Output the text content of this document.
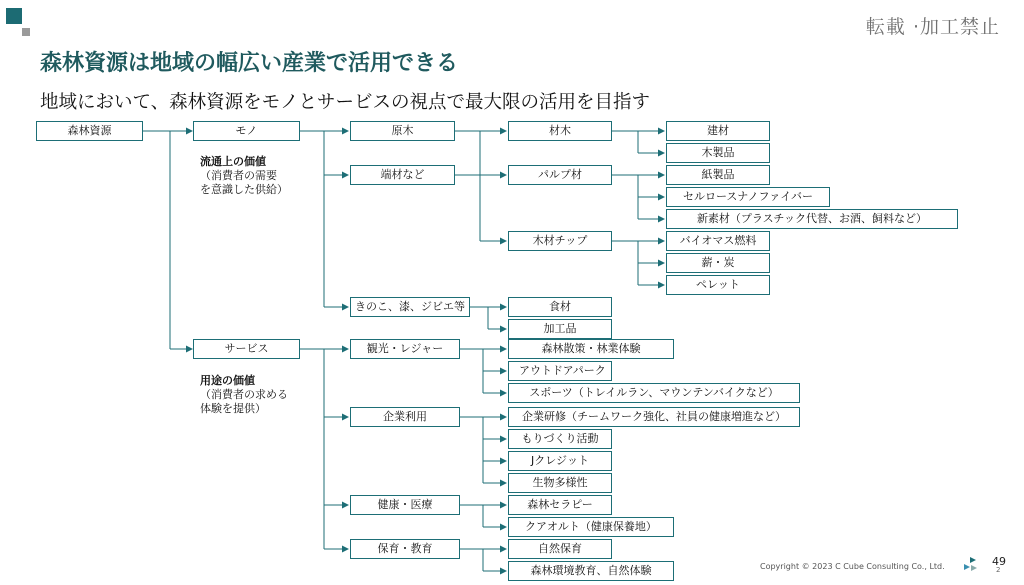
転載 ·加工禁止
森林資源は地域の幅広い産業で活用できる
地域において、森林資源をモノとサービスの視点で最大限の活用を目指す
森林資源	モノ
サービス
流通上の価値
（消費者の需要
を意識した供給）
用途の価値
（消費者の求める
体験を提供）
原木
端材など
きのこ、漆、ジビエ等
材木
パルプ材
木材チップ
建材
木製品
紙製品
セルロースナノファイバー
新素材（プラスチック代替、お酒、飼料など）
バイオマス燃料
薪・炭
ペレット
食材
加工品
観光・レジャー
企業利用
健康・医療
保育・教育
森林散策・林業体験
アウトドアパーク
スポーツ（トレイルラン、マウンテンバイクなど）
企業研修（チームワーク強化、社員の健康増進など）
もりづくり活動
Jクレジット
生物多様性
森林セラピー
クアオルト（健康保養地）
自然保育
森林環境教育、自然体験	Copyright © 2023 C Cube Consulting Co., Ltd.	49
2
